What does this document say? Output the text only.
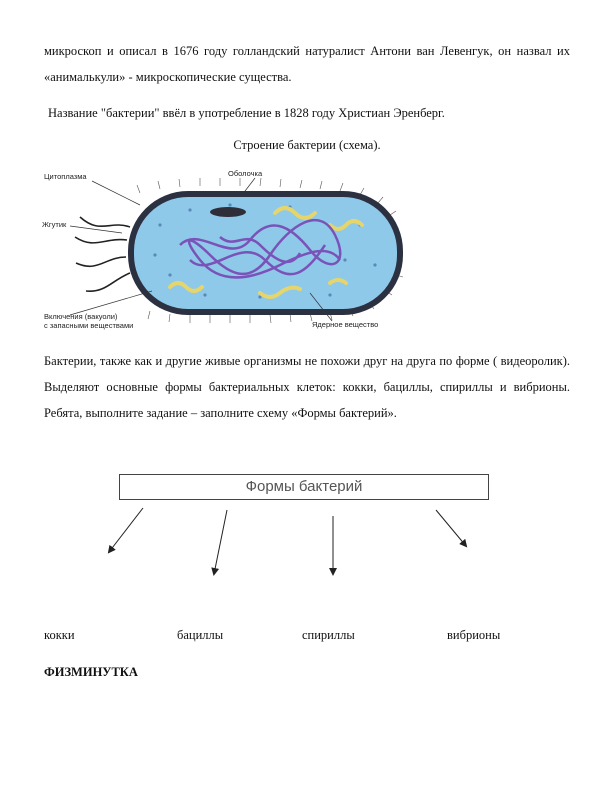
микроскоп и описал в 1676 году голландский натуралист Антони ван Левенгук, он назвал их «анималькули» - микроскопические существа.
Название "бактерии" ввёл в употребление в 1828 году Христиан Эренберг.
Строение бактерии (схема).
Цитоплазма	Оболочка
Жгутик
Включения (вакуоли)
с запасными веществами	Ядерное вещество
Бактерии, также как и другие живые организмы не похожи друг на друга по форме ( видеоролик). Выделяют основные формы бактериальных клеток: кокки, бациллы, спириллы и вибрионы. Ребята, выполните задание – заполните схему «Формы бактерий».
Формы бактерий
кокки	бациллы	спириллы	вибрионы
ФИЗМИНУТКА
